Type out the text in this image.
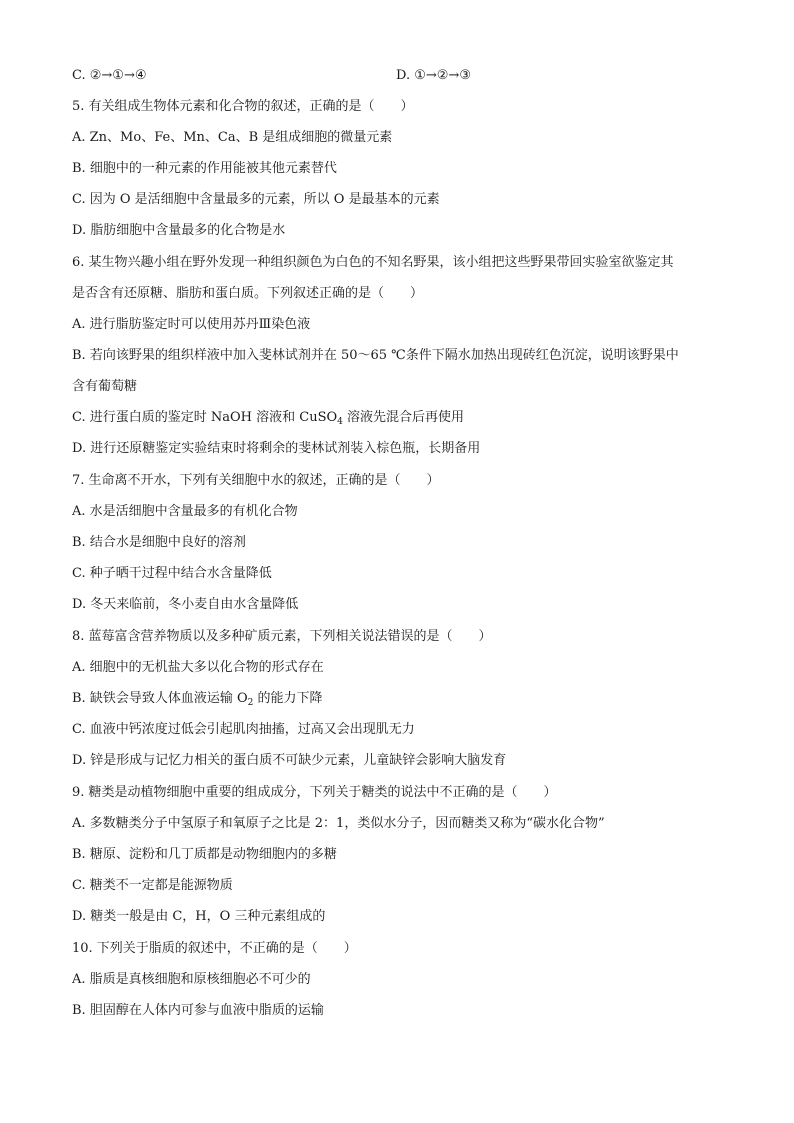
C. ②→①→④	D. ①→②→③
5. 有关组成生物体元素和化合物的叙述，正确的是（　　）
A. Zn、Mo、Fe、Mn、Ca、B 是组成细胞的微量元素
B. 细胞中的一种元素的作用能被其他元素替代
C. 因为 O 是活细胞中含量最多的元素，所以 O 是最基本的元素
D. 脂肪细胞中含量最多的化合物是水
6. 某生物兴趣小组在野外发现一种组织颜色为白色的不知名野果，该小组把这些野果带回实验室欲鉴定其
是否含有还原糖、脂肪和蛋白质。下列叙述正确的是（　　）
A. 进行脂肪鉴定时可以使用苏丹Ⅲ染色液
B. 若向该野果的组织样液中加入斐林试剂并在 50～65 ℃条件下隔水加热出现砖红色沉淀，说明该野果中
含有葡萄糖
C. 进行蛋白质的鉴定时 NaOH 溶液和 CuSO$_4$ 溶液先混合后再使用
D. 进行还原糖鉴定实验结束时将剩余的斐林试剂装入棕色瓶，长期备用
7. 生命离不开水，下列有关细胞中水的叙述，正确的是（　　）
A. 水是活细胞中含量最多的有机化合物
B. 结合水是细胞中良好的溶剂
C. 种子晒干过程中结合水含量降低
D. 冬天来临前，冬小麦自由水含量降低
8. 蓝莓富含营养物质以及多种矿质元素，下列相关说法错误的是（　　）
A. 细胞中的无机盐大多以化合物的形式存在
B. 缺铁会导致人体血液运输 $O_2$ 的能力下降
C. 血液中钙浓度过低会引起肌肉抽搐，过高又会出现肌无力
D. 锌是形成与记忆力相关的蛋白质不可缺少元素，儿童缺锌会影响大脑发育
9. 糖类是动植物细胞中重要的组成成分，下列关于糖类的说法中不正确的是（　　）
A. 多数糖类分子中氢原子和氧原子之比是 2：1，类似水分子，因而糖类又称为“碳水化合物”
B. 糖原、淀粉和几丁质都是动物细胞内的多糖
C. 糖类不一定都是能源物质
D. 糖类一般是由 C，H，O 三种元素组成的
10. 下列关于脂质的叙述中，不正确的是（　　）
A. 脂质是真核细胞和原核细胞必不可少的
B. 胆固醇在人体内可参与血液中脂质的运输
